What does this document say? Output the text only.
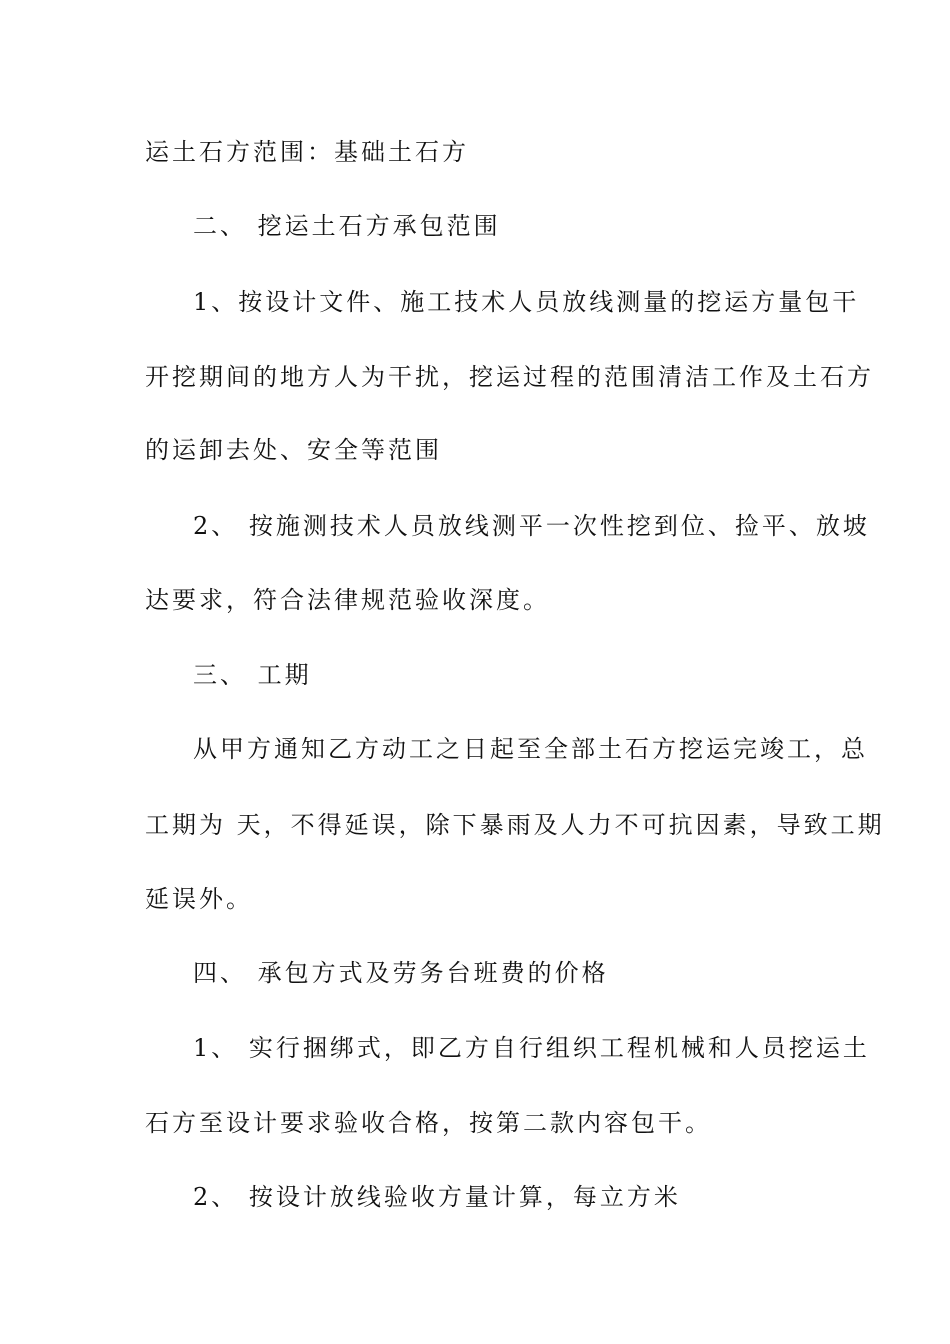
运土石方范围：基础土石方
二、 挖运土石方承包范围
1、按设计文件、施工技术人员放线测量的挖运方量包干
开挖期间的地方人为干扰，挖运过程的范围清洁工作及土石方
的运卸去处、安全等范围
2、 按施测技术人员放线测平一次性挖到位、捡平、放坡
达要求，符合法律规范验收深度。
三、 工期
从甲方通知乙方动工之日起至全部土石方挖运完竣工，总
工期为 天，不得延误，除下暴雨及人力不可抗因素，导致工期
延误外。
四、 承包方式及劳务台班费的价格
1、 实行捆绑式，即乙方自行组织工程机械和人员挖运土
石方至设计要求验收合格，按第二款内容包干。
2、 按设计放线验收方量计算，每立方米
